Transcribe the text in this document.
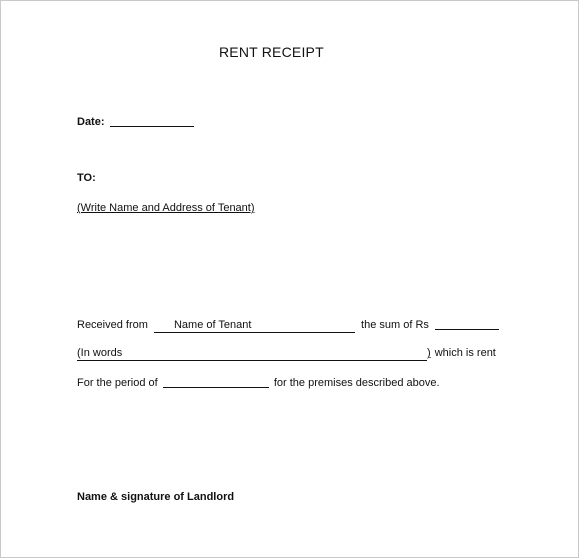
RENT RECEIPT
Date:
TO:
(Write Name and Address of Tenant)
Received from Name of Tenant	the sum of Rs
(In words	) which is rent
For the period of	for the premises described above.
Name & signature of Landlord
